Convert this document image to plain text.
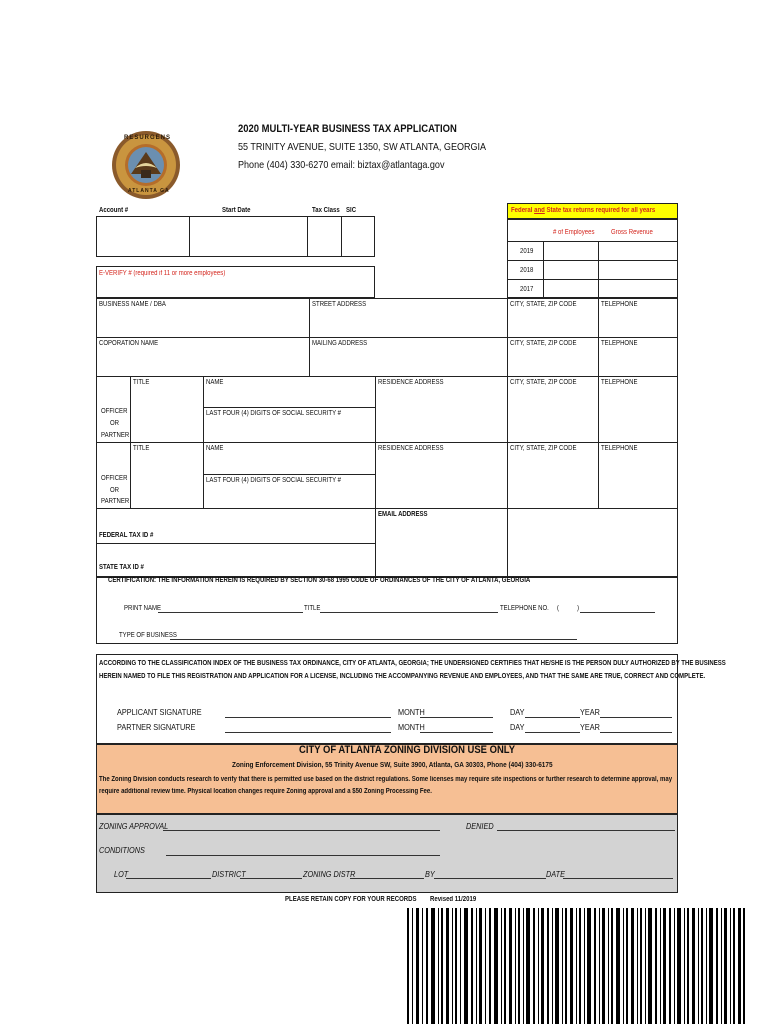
RESURGENS
ATLANTA GA
2020 MULTI-YEAR BUSINESS TAX APPLICATION
55 TRINITY AVENUE, SUITE 1350, SW ATLANTA, GEORGIA
Phone (404) 330-6270 email: biztax@atlantaga.gov
Account #	Start Date	Tax Class SIC	Federal and State tax returns required for all years
# of Employees Gross Revenue
2019
2018
2017
E-VERIFY # (required if 11 or more employees)
BUSINESS NAME / DBA	STREET ADDRESS	CITY, STATE, ZIP CODE	TELEPHONE
COPORATION NAME	MAILING ADDRESS	CITY, STATE, ZIP CODE	TELEPHONE
TITLE	NAME	RESIDENCE ADDRESS	CITY, STATE, ZIP CODE	TELEPHONE
LAST FOUR (4) DIGITS OF SOCIAL SECURITY #
OFFICER
OR
PARTNER
TITLE	NAME	RESIDENCE ADDRESS	CITY, STATE, ZIP CODE	TELEPHONE
LAST FOUR (4) DIGITS OF SOCIAL SECURITY #
OFFICER
OR
PARTNER
EMAIL ADDRESS
FEDERAL TAX ID #
STATE TAX ID #
CERTIFICATION: THE INFORMATION HEREIN IS REQUIRED BY SECTION 30-68 1995 CODE OF ORDINANCES OF THE CITY OF ATLANTA, GEORGIA
PRINT NAME	TITLE	TELEPHONE NO. (	)
TYPE OF BUSINESS
ACCORDING TO THE CLASSIFICATION INDEX OF THE BUSINESS TAX ORDINANCE, CITY OF ATLANTA, GEORGIA; THE UNDERSIGNED CERTIFIES THAT HE/SHE IS THE PERSON DULY AUTHORIZED BY THE BUSINESS
HEREIN NAMED TO FILE THIS REGISTRATION AND APPLICATION FOR A LICENSE, INCLUDING THE ACCOMPANYING REVENUE AND EMPLOYEES, AND THAT THE SAME ARE TRUE, CORRECT AND COMPLETE.
APPLICANT SIGNATURE	MONTH	DAY	YEAR
PARTNER SIGNATURE	MONTH	DAY	YEAR
CITY OF ATLANTA ZONING DIVISION USE ONLY
Zoning Enforcement Division, 55 Trinity Avenue SW, Suite 3900, Atlanta, GA 30303, Phone (404) 330-6175
The Zoning Division conducts research to verify that there is permitted use based on the district regulations. Some licenses may require site inspections or further research to determine approval, may
require additional review time. Physical location changes require Zoning approval and a $50 Zoning Processing Fee.
ZONING APPROVAL	DENIED
CONDITIONS
LOT	DISTRICT	ZONING DISTR	BY	DATE
PLEASE RETAIN COPY FOR YOUR RECORDS Revised 11/2019
